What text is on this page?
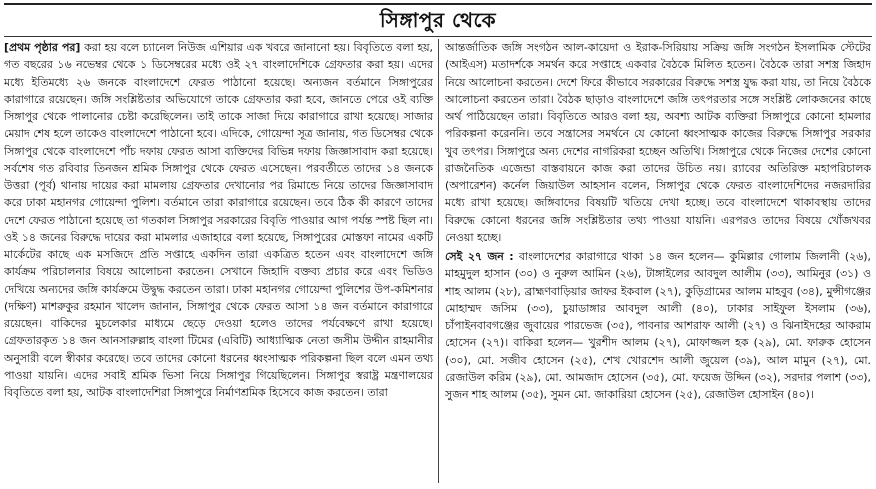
সিঙ্গাপুর থেকে

[প্রথম পৃষ্ঠার পর] করা হয় বলে চ্যানেল নিউজ এশিয়ার এক খবরে জানানো হয়। বিবৃতিতে বলা হয়, গত বছরের ১৬ নভেম্বর থেকে ১ ডিসেম্বরের মধ্যে ওই ২৭ বাংলাদেশিকে গ্রেফতার করা হয়। এদের মধ্যে ইতিমধ্যে ২৬ জনকে বাংলাদেশে ফেরত পাঠানো হয়েছে। অন্যজন বর্তমানে সিঙ্গাপুরের কারাগারে রয়েছেন। জঙ্গি সংশ্লিষ্টতার অভিযোগে তাকে গ্রেফতার করা হবে, জানতে পেরে ওই ব্যক্তি সিঙ্গাপুর থেকে পালানোর চেষ্টা করেছিলেন। তাই তাকে সাজা দিয়ে কারাগারে রাখা হয়েছে। সাজার মেয়াদ শেষ হলে তাকেও বাংলাদেশে পাঠানো হবে। এদিকে, গোয়েন্দা সূত্র জানায়, গত ডিসেম্বর থেকে সিঙ্গাপুর থেকে বাংলাদেশে পাঁচ দফায় ফেরত আসা ব্যক্তিদের বিভিন্ন দফায় জিজ্ঞাসাবাদ করা হয়েছে। সর্বশেষ গত রবিবার তিনজন শ্রমিক সিঙ্গাপুর থেকে ফেরত এসেছেন। পরবর্তীতে তাদের ১৪ জনকে উত্তরা (পূর্ব) থানায় দায়ের করা মামলায় গ্রেফতার দেখানোর পর রিমান্ডে নিয়ে তাদের জিজ্ঞাসাবাদ করে ঢাকা মহানগর গোয়েন্দা পুলিশ। বর্তমানে তারা কারাগারে রয়েছেন। তবে ঠিক কী কারণে তাদের দেশে ফেরত পাঠানো হয়েছে তা গতকাল সিঙ্গাপুর সরকারের বিবৃতি পাওয়ার আগ পর্যন্ত স্পষ্ট ছিল না। ওই ১৪ জনের বিরুদ্ধে দায়ের করা মামলার এজাহারে বলা হয়েছে, সিঙ্গাপুরের মোস্তফা নামের একটি মার্কেটের কাছে এক মসজিদে প্রতি সপ্তাহে একদিন তারা একত্রিত হতেন এবং বাংলাদেশে জঙ্গি কার্যক্রম পরিচালনার বিষয়ে আলোচনা করতেন। সেখানে জিহাদি বক্তব্য প্রচার করে এবং ভিডিও দেখিয়ে অন্যদের জঙ্গি কার্যক্রমে উদ্বুদ্ধ করতেন তারা। ঢাকা মহানগর গোয়েন্দা পুলিশের উপ-কমিশনার (দক্ষিণ) মাশরুকুর রহমান খালেদ জানান, সিঙ্গাপুর থেকে ফেরত আসা ১৪ জন বর্তমানে কারাগারে রয়েছেন। বাকিদের মুচলেকার মাধ্যমে ছেড়ে দেওয়া হলেও তাদের পর্যবেক্ষণে রাখা হয়েছে। গ্রেফতারকৃত ১৪ জন আনসারুল্লাহ বাংলা টিমের (এবিটি) আধ্যাত্মিক নেতা জসীম উদ্দীন রাহমানীর অনুসারী বলে স্বীকার করেছে। তবে তাদের কোনো ধরনের ধ্বংসাত্মক পরিকল্পনা ছিল বলে এমন তথ্য পাওয়া যায়নি। এদের সবাই শ্রমিক ভিসা নিয়ে সিঙ্গাপুর গিয়েছিলেন। সিঙ্গাপুর স্বরাষ্ট্র মন্ত্রণালয়ের বিবৃতিতে বলা হয়, আটক বাংলাদেশিরা সিঙ্গাপুরে নির্মাণশ্রমিক হিসেবে কাজ করতেন। তারা

আন্তর্জাতিক জঙ্গি সংগঠন আল-কায়েদা ও ইরাক-সিরিয়ায় সক্রিয় জঙ্গি সংগঠন ইসলামিক স্টেটের (আইএস) মতাদর্শকে সমর্থন করে সপ্তাহে একবার বৈঠকে মিলিত হতেন। বৈঠকে তারা সশস্ত্র জিহাদ নিয়ে আলোচনা করতেন। দেশে ফিরে কীভাবে সরকারের বিরুদ্ধে সশস্ত্র যুদ্ধ করা যায়, তা নিয়ে বৈঠকে আলোচনা করতেন তারা। বৈঠক ছাড়াও বাংলাদেশে জঙ্গি তৎপরতার সঙ্গে সংশ্লিষ্ট লোকজনের কাছে অর্থ পাঠিয়েছেন তারা। বিবৃতিতে আরও বলা হয়, অবশ্য আটক ব্যক্তিরা সিঙ্গাপুরে কোনো হামলার পরিকল্পনা করেননি। তবে সন্ত্রাসের সমর্থনে যে কোনো ধ্বংসাত্মক কাজের বিরুদ্ধে সিঙ্গাপুর সরকার খুব তৎপর। সিঙ্গাপুরে অন্য দেশের নাগরিকরা হচ্ছেন অতিথি। সিঙ্গাপুরে থেকে নিজের দেশের কোনো রাজনৈতিক এজেন্ডা বাস্তবায়নে কাজ করা তাদের উচিত নয়। র‍্যাবের অতিরিক্ত মহাপরিচালক (অপারেশন) কর্নেল জিয়াউল আহসান বলেন, সিঙ্গাপুর থেকে ফেরত বাংলাদেশিদের নজরদারির মধ্যে রাখা হয়েছে। জঙ্গিবাদের বিষয়টি খতিয়ে দেখা হচ্ছে। তবে বাংলাদেশে থাকাবস্থায় তাদের বিরুদ্ধে কোনো ধরনের জঙ্গি সংশ্লিষ্টতার তথ্য পাওয়া যায়নি। এরপরও তাদের বিষয়ে খোঁজখবর নেওয়া হচ্ছে।

সেই ২৭ জন : বাংলাদেশের কারাগারে থাকা ১৪ জন হলেন— কুমিল্লার গোলাম জিলানী (২৬), মাহমুদুল হাসান (৩০) ও নুরুল আমিন (২৬), টাঙ্গাইলের আবদুল আলীম (৩৩), আমিনুর (৩১) ও শাহ আলম (২৮), ব্রাহ্মণবাড়িয়ার জাফর ইকবাল (২৭), কুড়িগ্রামের আলম মাহবুব (৩৪), মুন্সীগঞ্জের মোহাম্মদ জসিম (৩৩), চুয়াডাঙ্গার আবদুল আলী (৪০), ঢাকার সাইফুল ইসলাম (৩৬), চাঁপাইনবাবগঞ্জের জুবায়ের পারভেজ (৩৫), পাবনার আশরাফ আলী (২৭) ও ঝিনাইদহের আকরাম হোসেন (২৭)। বাকিরা হলেন— খুরশীদ আলম (২৭), মোফাজ্জল হক (২৯), মো. ফারুক হোসেন (৩০), মো. সজীব হোসেন (২৫), শেখ খোরশেদ আলী জুয়েল (৩৯), আল মামুন (২৭), মো. রেজাউল করিম (২৯), মো. আমজাদ হোসেন (৩৫), মো. ফয়েজ উদ্দিন (৩২), সরদার পলাশ (৩৩), সুজন শাহ আলম (৩৫), সুমন মো. জাকারিয়া হোসেন (২৫), রেজাউল হোসাইন (৪০)।
